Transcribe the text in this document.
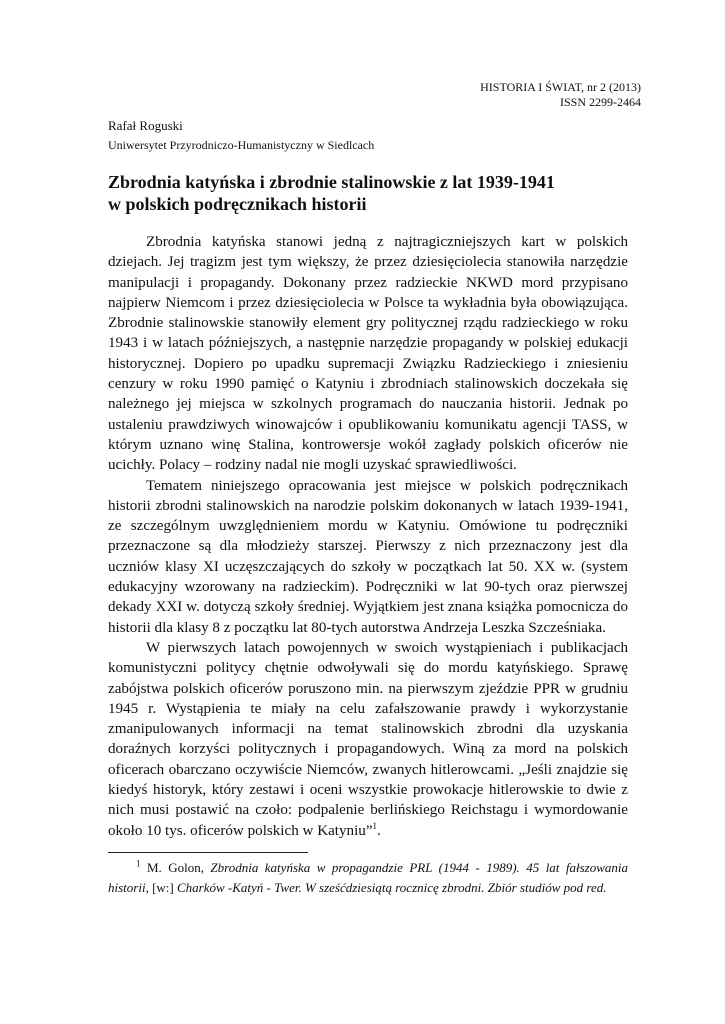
HISTORIA I ŚWIAT, nr 2 (2013)
ISSN 2299-2464
Rafał Roguski
Uniwersytet Przyrodniczo-Humanistyczny w Siedlcach
Zbrodnia katyńska i zbrodnie stalinowskie z lat 1939-1941
w polskich podręcznikach historii

Zbrodnia katyńska stanowi jedną z najtragiczniejszych kart w polskich dziejach. Jej tragizm jest tym większy, że przez dziesięciolecia stanowiła narzędzie manipulacji i propagandy. Dokonany przez radzieckie NKWD mord przypisano najpierw Niemcom i przez dziesięciolecia w Polsce ta wykładnia była obowiązująca. Zbrodnie stalinowskie stanowiły element gry politycznej rządu radzieckiego w roku 1943 i w latach późniejszych, a następnie narzędzie propagandy w polskiej edukacji historycznej. Dopiero po upadku supremacji Związku Radzieckiego i zniesieniu cenzury w roku 1990 pamięć o Katyniu i zbrodniach stalinowskich doczekała się należnego jej miejsca w szkolnych programach do nauczania historii. Jednak po ustaleniu prawdziwych winowajców i opublikowaniu komunikatu agencji TASS, w którym uznano winę Stalina, kontrowersje wokół zagłady polskich oficerów nie ucichły. Polacy – rodziny nadal nie mogli uzyskać sprawiedliwości.

Tematem niniejszego opracowania jest miejsce w polskich podręcznikach historii zbrodni stalinowskich na narodzie polskim dokonanych w latach 1939-1941, ze szczególnym uwzględnieniem mordu w Katyniu. Omówione tu podręczniki przeznaczone są dla młodzieży starszej. Pierwszy z nich przeznaczony jest dla uczniów klasy XI uczęszczających do szkoły w początkach lat 50. XX w. (system edukacyjny wzorowany na radzieckim). Podręczniki w lat 90-tych oraz pierwszej dekady XXI w. dotyczą szkoły średniej. Wyjątkiem jest znana książka pomocnicza do historii dla klasy 8 z początku lat 80-tych autorstwa Andrzeja Leszka Szcześniaka.

W pierwszych latach powojennych w swoich wystąpieniach i publikacjach komunistyczni politycy chętnie odwoływali się do mordu katyńskiego. Sprawę zabójstwa polskich oficerów poruszono min. na pierwszym zjeździe PPR w grudniu 1945 r. Wystąpienia te miały na celu zafałszowanie prawdy i wykorzystanie zmanipulowanych informacji na temat stalinowskich zbrodni dla uzyskania doraźnych korzyści politycznych i propagandowych. Winą za mord na polskich oficerach obarczano oczywiście Niemców, zwanych hitlerowcami. „Jeśli znajdzie się kiedyś historyk, który zestawi i oceni wszystkie prowokacje hitlerowskie to dwie z nich musi postawić na czoło: podpalenie berlińskiego Reichstagu i wymordowanie około 10 tys. oficerów polskich w Katyniu”$^1$.

$^1$ M. Golon, Zbrodnia katyńska w propagandzie PRL (1944 - 1989). 45 lat fałszowania historii, [w:] Charków -Katyń - Twer. W sześćdziesiątą rocznicę zbrodni. Zbiór studiów pod red.
